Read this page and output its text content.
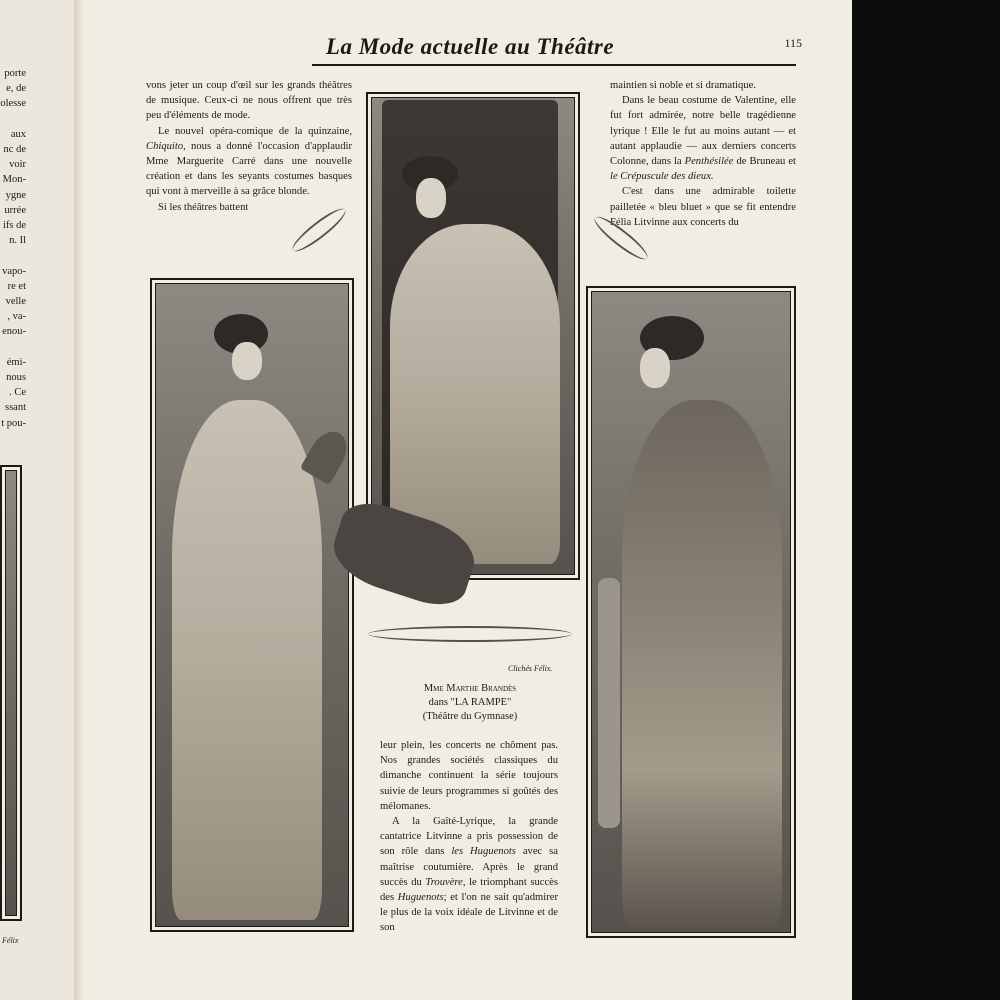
porte
e, de
olesse

aux
nc de
voir
Mon-
ygne
urrée
ifs de
n. Il

vapo-
re et
velle
, va-
enou-

émi-
nous
. Ce
ssant
t pou-
Félix
La Mode actuelle au Théâtre	115

vons jeter un coup d'œil sur les grands théâtres de musique. Ceux-ci ne nous offrent que très peu d'éléments de mode.

Le nouvel opéra-comique de la quinzaine, Chiquito, nous a donné l'occasion d'applaudir Mme Marguerite Carré dans une nouvelle création et dans les seyants costumes basques qui vont à merveille à sa grâce blonde.

Si les théâtres battent

maintien si noble et si dramatique.

Dans le beau costume de Valentine, elle fut fort admirée, notre belle tragédienne lyrique ! Elle le fut au moins autant — et autant applaudie — aux derniers concerts Colonne, dans la Penthésilée de Bruneau et le Crépuscule des dieux.

C'est dans une admirable toilette pailletée « bleu bluet » que se fit entendre Félia Litvinne aux concerts du

Clichés Félix.
Mme Marthe Brandès
dans "LA RAMPE"
(Théâtre du Gymnase)

leur plein, les concerts ne chôment pas. Nos grandes sociétés classiques du dimanche continuent la série toujours suivie de leurs programmes si goûtés des mélomanes.

A la Gaîté-Lyrique, la grande cantatrice Litvinne a pris possession de son rôle dans les Huguenots avec sa maîtrise coutumière. Après le grand succès du Trouvère, le triomphant succès des Huguenots; et l'on ne sait qu'admirer le plus de la voix idéale de Litvinne et de son
